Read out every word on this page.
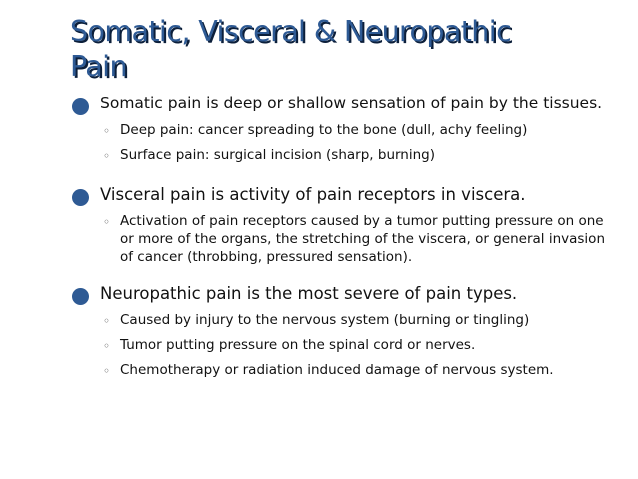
Somatic, Visceral & Neuropathic
Pain
Somatic pain is deep or shallow sensation of pain by the tissues.
◦ Deep pain: cancer spreading to the bone (dull, achy feeling)
◦ Surface pain: surgical incision (sharp, burning)
Visceral pain is activity of pain receptors in viscera.
◦ Activation of pain receptors caused by a tumor putting pressure on one or more of the organs, the stretching of the viscera, or general invasion of cancer (throbbing, pressured sensation).
Neuropathic pain is the most severe of pain types.
◦ Caused by injury to the nervous system (burning or tingling)
◦ Tumor putting pressure on the spinal cord or nerves.
◦ Chemotherapy or radiation induced damage of nervous system.
